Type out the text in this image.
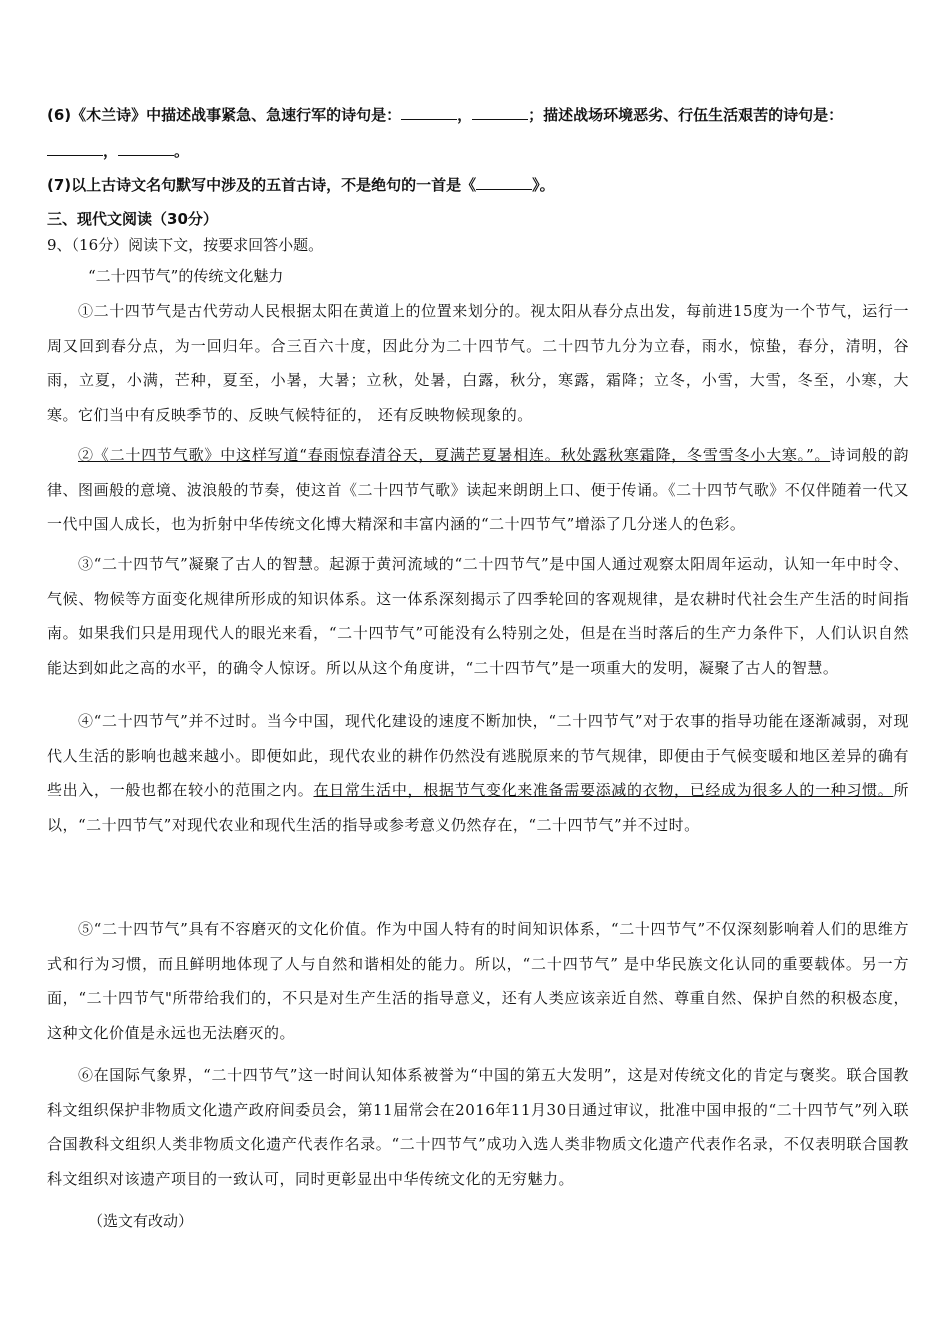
(6)《木兰诗》中描述战事紧急、急速行军的诗句是：	，	；描述战场环境恶劣、行伍生活艰苦的诗句是：
，	。
(7)以上古诗文名句默写中涉及的五首古诗，不是绝句的一首是《	》。
三、现代文阅读（30分）
9、（16分）阅读下文，按要求回答小题。
“二十四节气”的传统文化魅力
①二十四节气是古代劳动人民根据太阳在黄道上的位置来划分的。视太阳从春分点出发，每前进15度为一个节气，运行一周又回到春分点，为一回归年。合三百六十度，因此分为二十四节气。二十四节九分为立春，雨水，惊蛰，春分，清明，谷雨，立夏，小满，芒种，夏至，小暑，大暑；立秋，处暑，白露，秋分，寒露，霜降；立冬，小雪，大雪，冬至，小寒，大寒。它们当中有反映季节的、反映气候特征的， 还有反映物候现象的。
②《二十四节气歌》中这样写道“春雨惊春清谷天，夏满芒夏暑相连。秋处露秋寒霜降，冬雪雪冬小大寒。”。诗词般的韵律、图画般的意境、波浪般的节奏，使这首《二十四节气歌》读起来朗朗上口、便于传诵。《二十四节气歌》不仅伴随着一代又一代中国人成长，也为折射中华传统文化博大精深和丰富内涵的“二十四节气”增添了几分迷人的色彩。
③“二十四节气”凝聚了古人的智慧。起源于黄河流域的“二十四节气”是中国人通过观察太阳周年运动，认知一年中时令、气候、物候等方面变化规律所形成的知识体系。这一体系深刻揭示了四季轮回的客观规律，是农耕时代社会生产生活的时间指南。如果我们只是用现代人的眼光来看，“二十四节气”可能没有么特别之处，但是在当时落后的生产力条件下，人们认识自然能达到如此之高的水平，的确令人惊讶。所以从这个角度讲，“二十四节气”是一项重大的发明，凝聚了古人的智慧。
④“二十四节气”并不过时。当今中国，现代化建设的速度不断加快，“二十四节气”对于农事的指导功能在逐渐减弱，对现代人生活的影响也越来越小。即便如此，现代农业的耕作仍然没有逃脱原来的节气规律，即便由于气候变暖和地区差异的确有些出入，一般也都在较小的范围之内。在日常生活中，根据节气变化来准备需要添减的衣物，已经成为很多人的一种习惯。所以，“二十四节气”对现代农业和现代生活的指导或参考意义仍然存在，“二十四节气”并不过时。
⑤“二十四节气”具有不容磨灭的文化价值。作为中国人特有的时间知识体系，“二十四节气”不仅深刻影响着人们的思维方式和行为习惯，而且鲜明地体现了人与自然和谐相处的能力。所以，“二十四节气” 是中华民族文化认同的重要载体。另一方面，“二十四节气"所带给我们的，不只是对生产生活的指导意义，还有人类应该亲近自然、尊重自然、保护自然的积极态度，这种文化价值是永远也无法磨灭的。
⑥在国际气象界，“二十四节气”这一时间认知体系被誉为“中国的第五大发明”，这是对传统文化的肯定与褒奖。联合国教科文组织保护非物质文化遗产政府间委员会，第11届常会在2016年11月30日通过审议，批准中国申报的“二十四节气”列入联合国教科文组织人类非物质文化遗产代表作名录。“二十四节气”成功入选人类非物质文化遗产代表作名录，不仅表明联合国教科文组织对该遗产项目的一致认可，同时更彰显出中华传统文化的无穷魅力。
（选文有改动）
